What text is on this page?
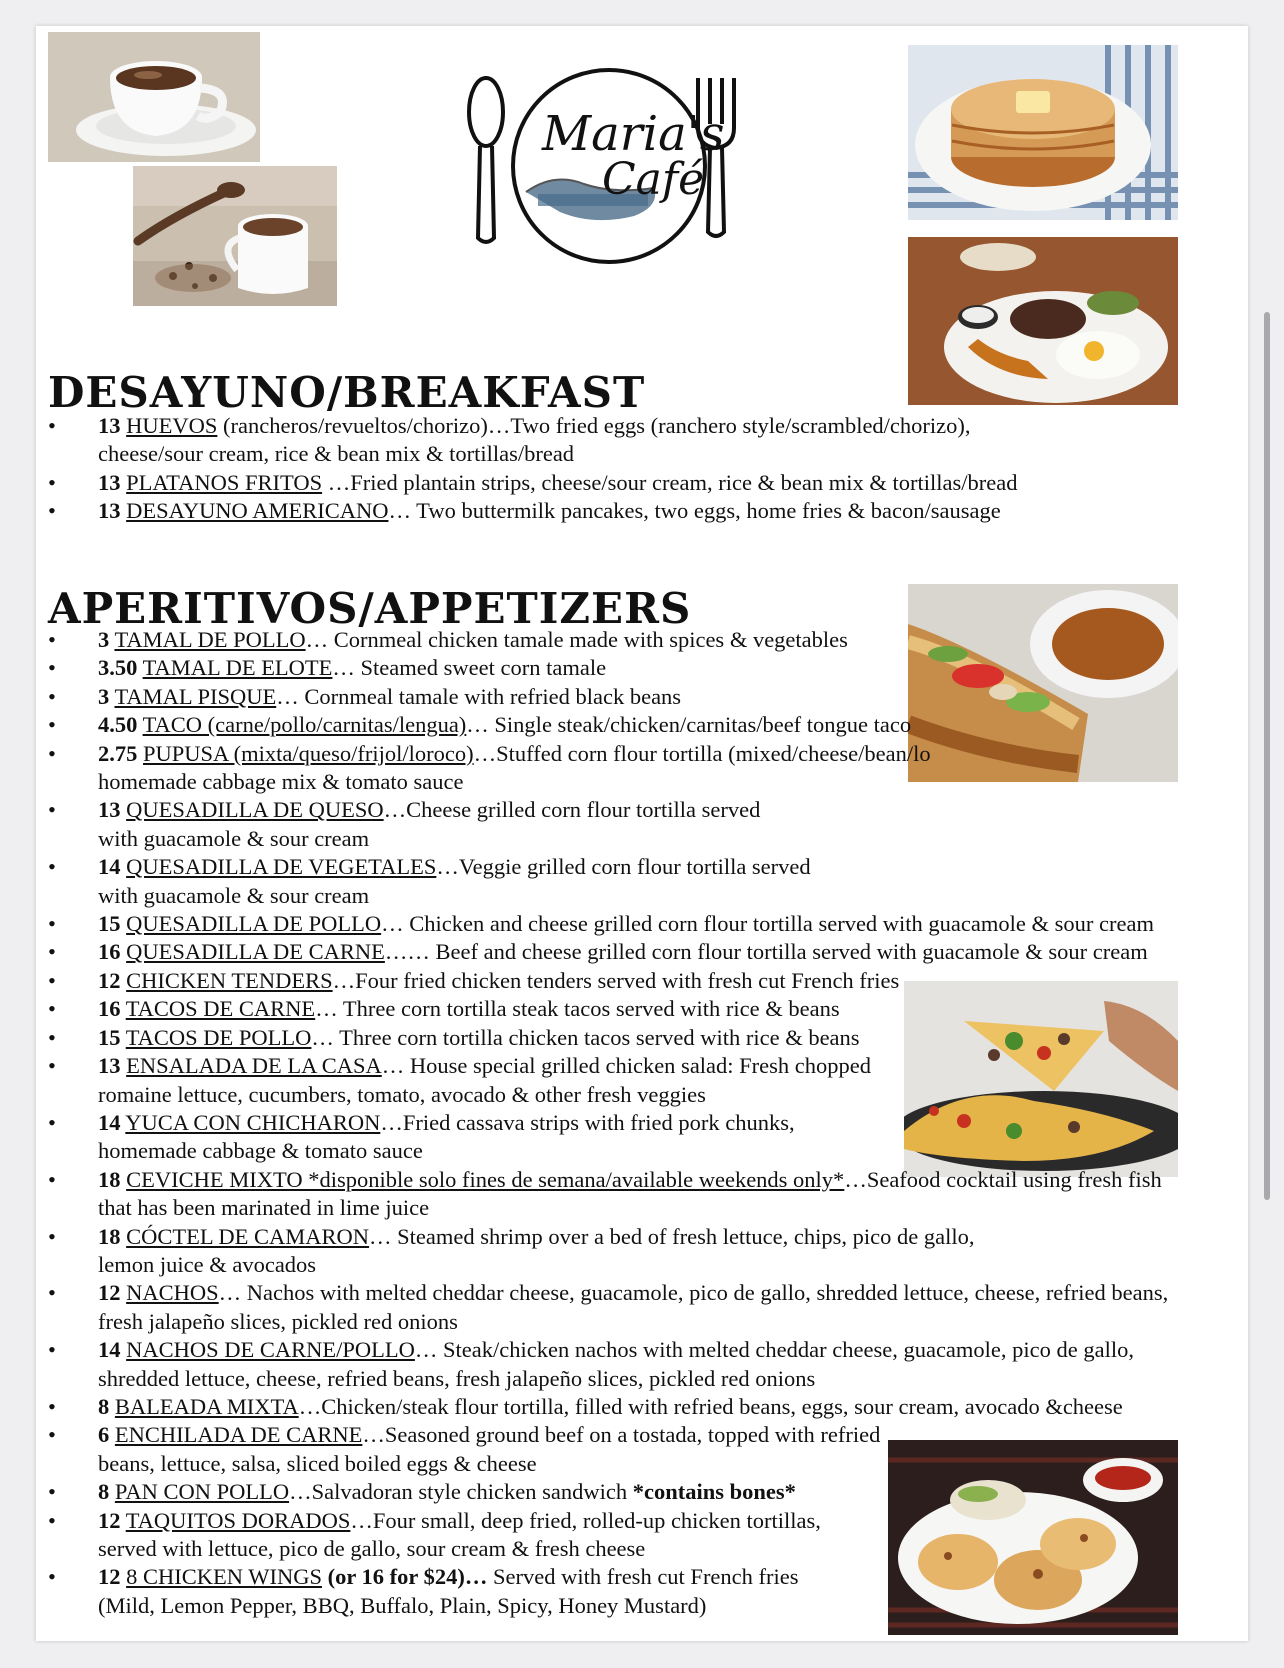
Maria's
Café
DESAYUNO/BREAKFAST
• 13 HUEVOS (rancheros/revueltos/chorizo)…Two fried eggs (ranchero style/scrambled/chorizo),
cheese/sour cream, rice & bean mix & tortillas/bread
• 13 PLATANOS FRITOS …Fried plantain strips, cheese/sour cream, rice & bean mix & tortillas/bread
• 13 DESAYUNO AMERICANO… Two buttermilk pancakes, two eggs, home fries & bacon/sausage
APERITIVOS/APPETIZERS
• 3 TAMAL DE POLLO… Cornmeal chicken tamale made with spices & vegetables
• 3.50 TAMAL DE ELOTE… Steamed sweet corn tamale
• 3 TAMAL PISQUE… Cornmeal tamale with refried black beans
• 4.50 TACO (carne/pollo/carnitas/lengua)… Single steak/chicken/carnitas/beef tongue taco
• 2.75 PUPUSA (mixta/queso/frijol/loroco)…Stuffed corn flour tortilla (mixed/cheese/bean/lo
homemade cabbage mix & tomato sauce
• 13 QUESADILLA DE QUESO…Cheese grilled corn flour tortilla served
with guacamole & sour cream
• 14 QUESADILLA DE VEGETALES…Veggie grilled corn flour tortilla served
with guacamole & sour cream
• 15 QUESADILLA DE POLLO… Chicken and cheese grilled corn flour tortilla served with guacamole & sour cream
• 16 QUESADILLA DE CARNE…… Beef and cheese grilled corn flour tortilla served with guacamole & sour cream
• 12 CHICKEN TENDERS…Four fried chicken tenders served with fresh cut French fries
• 16 TACOS DE CARNE… Three corn tortilla steak tacos served with rice & beans
• 15 TACOS DE POLLO… Three corn tortilla chicken tacos served with rice & beans
• 13 ENSALADA DE LA CASA… House special grilled chicken salad: Fresh chopped
romaine lettuce, cucumbers, tomato, avocado & other fresh veggies
• 14 YUCA CON CHICHARON…Fried cassava strips with fried pork chunks,
homemade cabbage & tomato sauce
• 18 CEVICHE MIXTO *disponible solo fines de semana/available weekends only*…Seafood cocktail using fresh fish
that has been marinated in lime juice
• 18 CÓCTEL DE CAMARON… Steamed shrimp over a bed of fresh lettuce, chips, pico de gallo,
lemon juice & avocados
• 12 NACHOS… Nachos with melted cheddar cheese, guacamole, pico de gallo, shredded lettuce, cheese, refried beans,
fresh jalapeño slices, pickled red onions
• 14 NACHOS DE CARNE/POLLO… Steak/chicken nachos with melted cheddar cheese, guacamole, pico de gallo,
shredded lettuce, cheese, refried beans, fresh jalapeño slices, pickled red onions
• 8 BALEADA MIXTA…Chicken/steak flour tortilla, filled with refried beans, eggs, sour cream, avocado &cheese
• 6 ENCHILADA DE CARNE…Seasoned ground beef on a tostada, topped with refried
beans, lettuce, salsa, sliced boiled eggs & cheese
• 8 PAN CON POLLO…Salvadoran style chicken sandwich *contains bones*
• 12 TAQUITOS DORADOS…Four small, deep fried, rolled-up chicken tortillas,
served with lettuce, pico de gallo, sour cream & fresh cheese
• 12 8 CHICKEN WINGS (or 16 for $24)… Served with fresh cut French fries
(Mild, Lemon Pepper, BBQ, Buffalo, Plain, Spicy, Honey Mustard)
